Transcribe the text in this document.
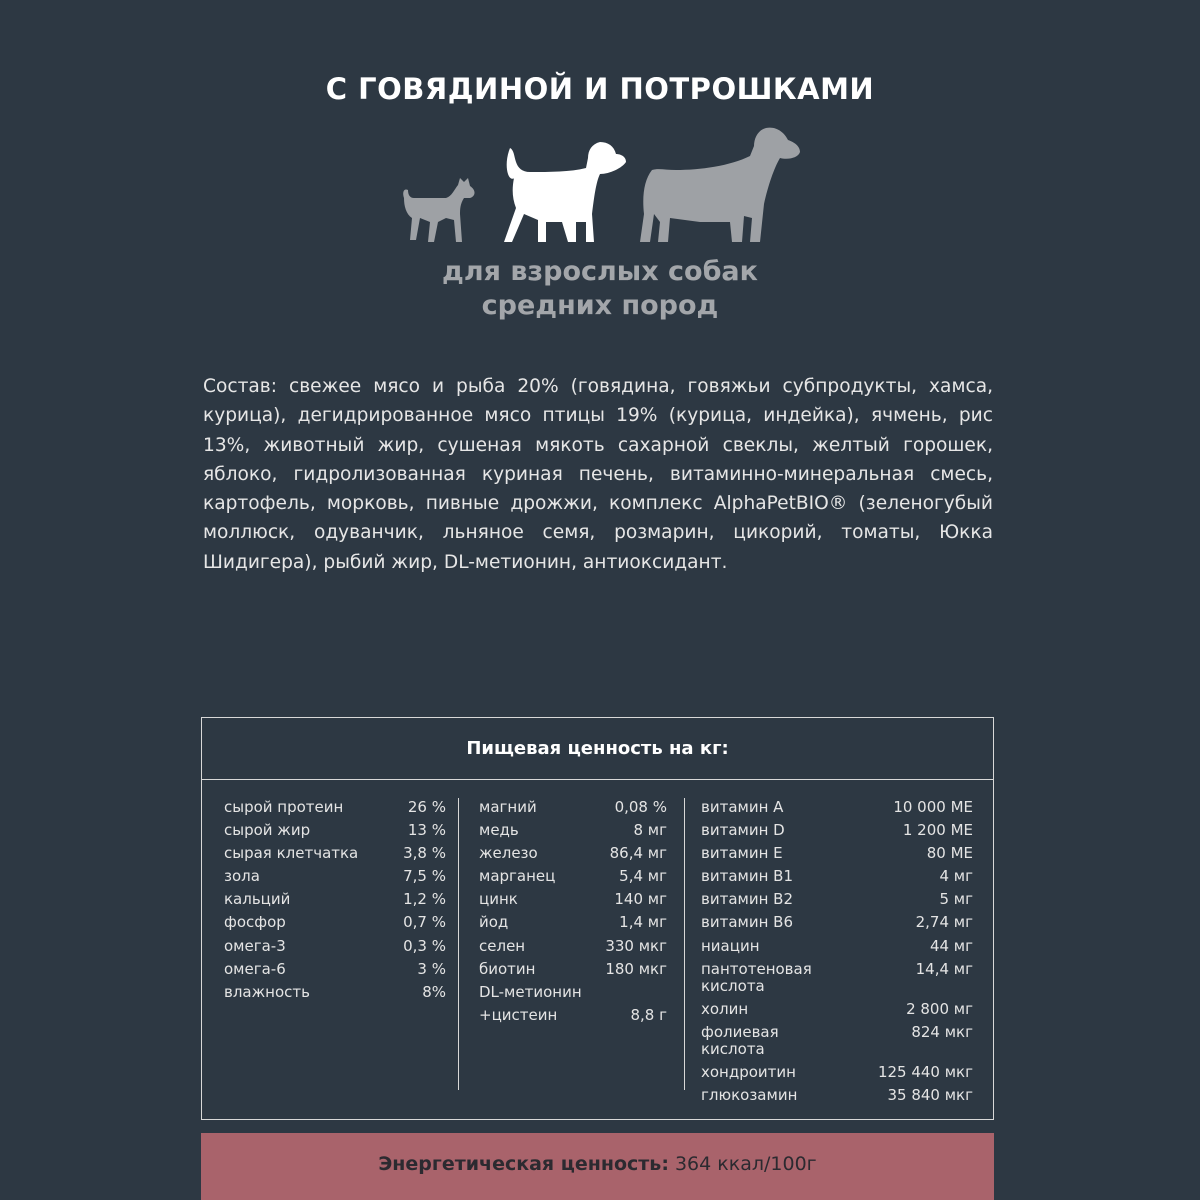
С ГОВЯДИНОЙ И ПОТРОШКАМИ

для взрослых собак
средних пород

Состав: свежее мясо и рыба 20% (говядина, говяжьи субпродукты, хамса, курица), дегидрированное мясо птицы 19% (курица, индейка), ячмень, рис 13%, животный жир, сушеная мякоть сахарной свеклы, желтый горошек, яблоко, гидролизованная куриная печень, витаминно-минеральная смесь, картофель, морковь, пивные дрожжи, комплекс AlphaPetBIO® (зеленогубый моллюск, одуванчик, льняное семя, розмарин, цикорий, томаты, Юкка Шидигера), рыбий жир, DL-метионин, антиоксидант.

Пищевая ценность на кг:
сырой протеин	26 %
сырой жир	13 %
сырая клетчатка	3,8 %
зола	7,5 %
кальций	1,2 %
фосфор	0,7 %
омега-3	0,3 %
омега-6	3 %
влажность	8%
магний	0,08 %
медь	8 мг
железо	86,4 мг
марганец	5,4 мг
цинк	140 мг
йод	1,4 мг
селен	330 мкг
биотин	180 мкг
DL-метионин
+цистеин	8,8 г
витамин А	10 000 МЕ
витамин D	1 200 МЕ
витамин E	80 МЕ
витамин B1	4 мг
витамин B2	5 мг
витамин B6	2,74 мг
ниацин	44 мг
пантотеновая
кислота
14,4 мг
холин	2 800 мг
фолиевая
кислота
824 мкг
хондроитин	125 440 мкг
глюкозамин	35 840 мкг
Энергетическая ценность: 364 ккал/100г
